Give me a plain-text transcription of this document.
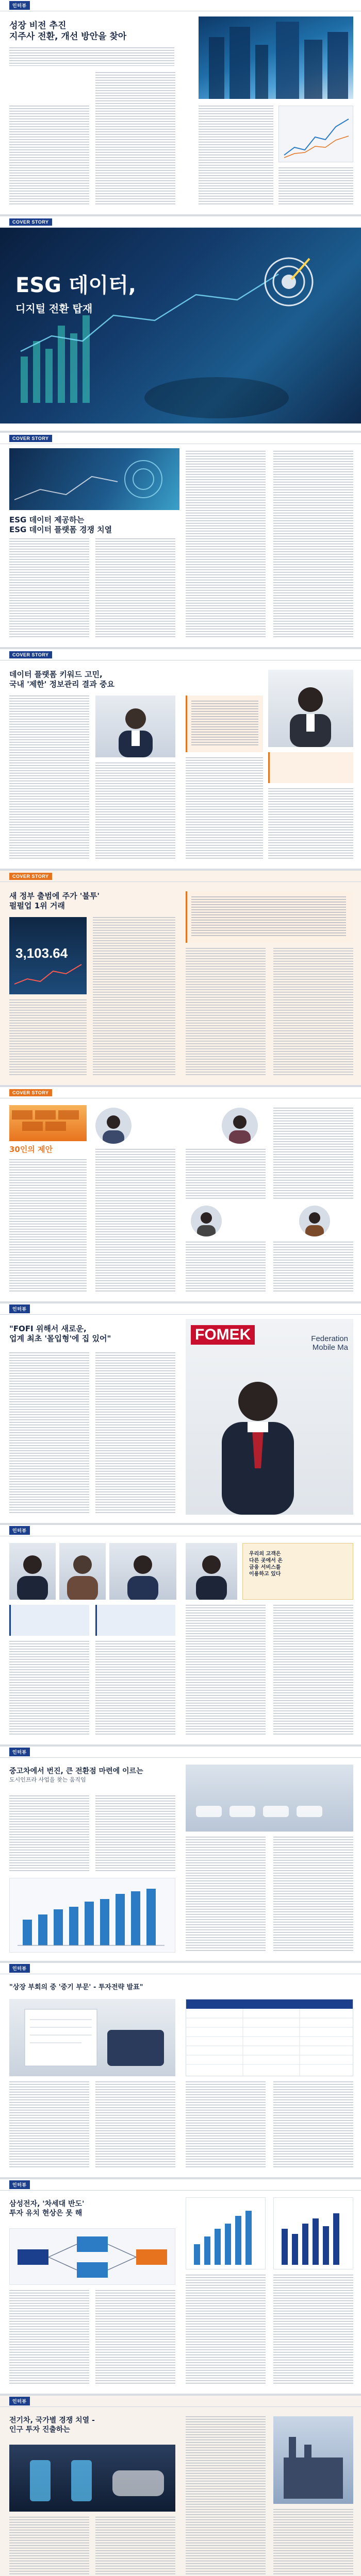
인터뷰
성장 비전 추진
지주사 전환, 개선 방안을 찾아
COVER STORY
ESG 데이터,
디지털 전환 탑재
COVER STORY
ESG 데이터 제공하는
ESG 데이터 플랫폼 경쟁 치열
COVER STORY
데이터 플랫폼 키워드 고민,
국내 '제한' 정보관리 결과 중요
COVER STORY
새 정부 출범에 주가 '불투'
펄펄업 1위 거래
3,103.64
COVER STORY
30인의 제안
인터뷰
"FOFI 위해서 새로운,
업계 최초 '몰입형'에 집 있어"	FOMEK	Federation
Mobile Ma
인터뷰
우리의 고객은
다른 곳에서 온
금융 서비스를
이용하고 있다
인터뷰
중고차에서 번진, 큰 전환점 마련에 이르는
도시인프라 사업을 찾는 움직임
인터뷰
"상장 부회의 중 '중기 부문' - 투자전략 발표"
인터뷰
삼성전자, '차세대 반도'
투자 유치 현상은 못 해
인터뷰
전기차, 국가별 경쟁 치열 -
인구 투자 진출하는
